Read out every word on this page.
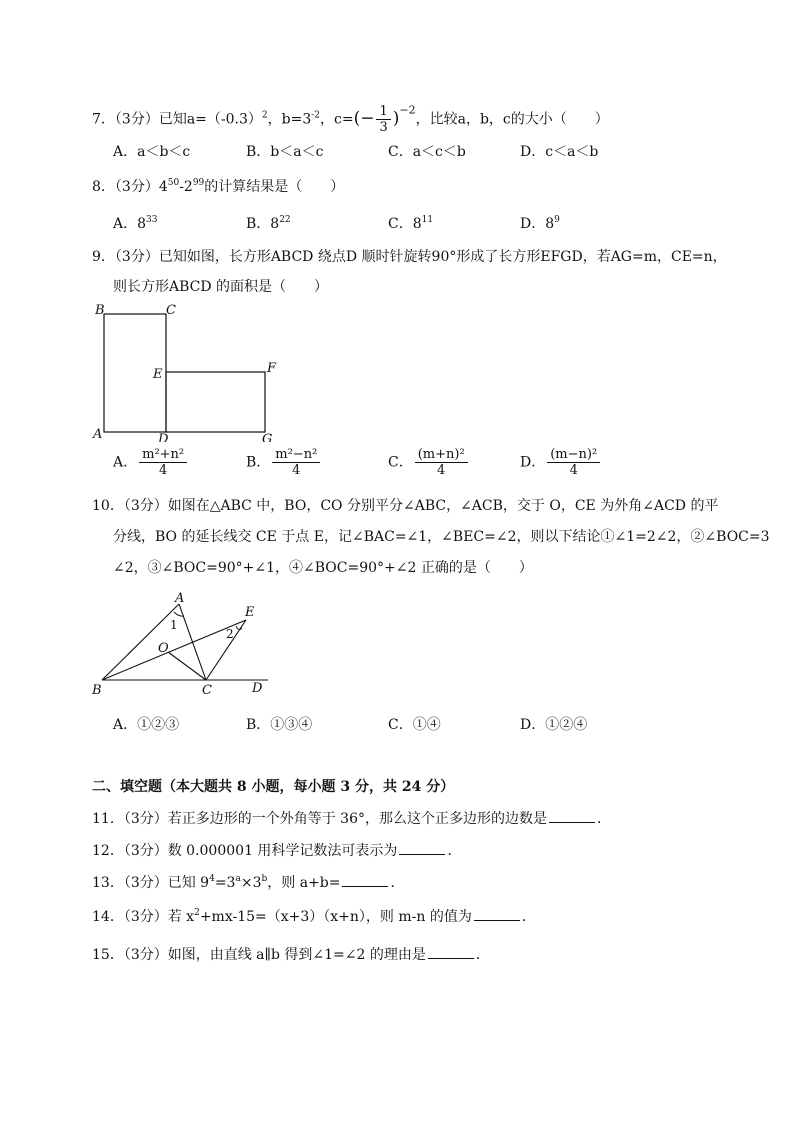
7．（3分）已知$a=(-0.3)^2$，$b=3^{-2}$，$c=(- \frac{1}{3} )^{-2}$，比较a，b，c的大小（　　）
A．a＜b＜c	B．b＜a＜c	C．a＜c＜b	D．c＜a＜b
8．（3分）$4^{50}-2^{99}$的计算结果是（　　）
A．$8^{33}$	B．$8^{22}$	C．$8^{11}$	D．$8^9$
9．（3分）已知如图，长方形ABCD 绕点D 顺时针旋转90°形成了长方形EFGD，若AG=m，CE=n，
则长方形ABCD 的面积是（　　）
B	C
E	F
A	D	G
A． $\frac{\text{m²+n²}}{4}$	B． $\frac{\text{m²−n²}}{4}$	C． $\frac{\text{(m+n)²}}{4}$	D． $\frac{\text{(m−n)²}}{4}$
10．（3分）如图在△ABC 中，BO，CO 分别平分∠ABC，∠ACB，交于 O，CE 为外角∠ACD 的平
分线，BO 的延长线交 CE 于点 E，记∠BAC=∠1，∠BEC=∠2，则以下结论①∠1=2∠2，②∠BOC=3
∠2，③∠BOC=90°+∠1，④∠BOC=90°+∠2 正确的是（　　）
A
E
1
2
O
B	C	D
A．①②③	B．①③④	C．①④	D．①②④
二、填空题（本大题共 8 小题，每小题 3 分，共 24 分）
11．（3分）若正多边形的一个外角等于 36°，那么这个正多边形的边数是	．
12．（3分）数 0.000001 用科学记数法可表示为	．
13．（3分）已知 $9^4=3^a\times 3^b$，则 a+b=	．
14．（3分）若 $x^2+mx-15=(x+3)(x+n)$，则 m-n 的值为	．
15．（3分）如图，由直线 a∥b 得到∠1=∠2 的理由是	．
